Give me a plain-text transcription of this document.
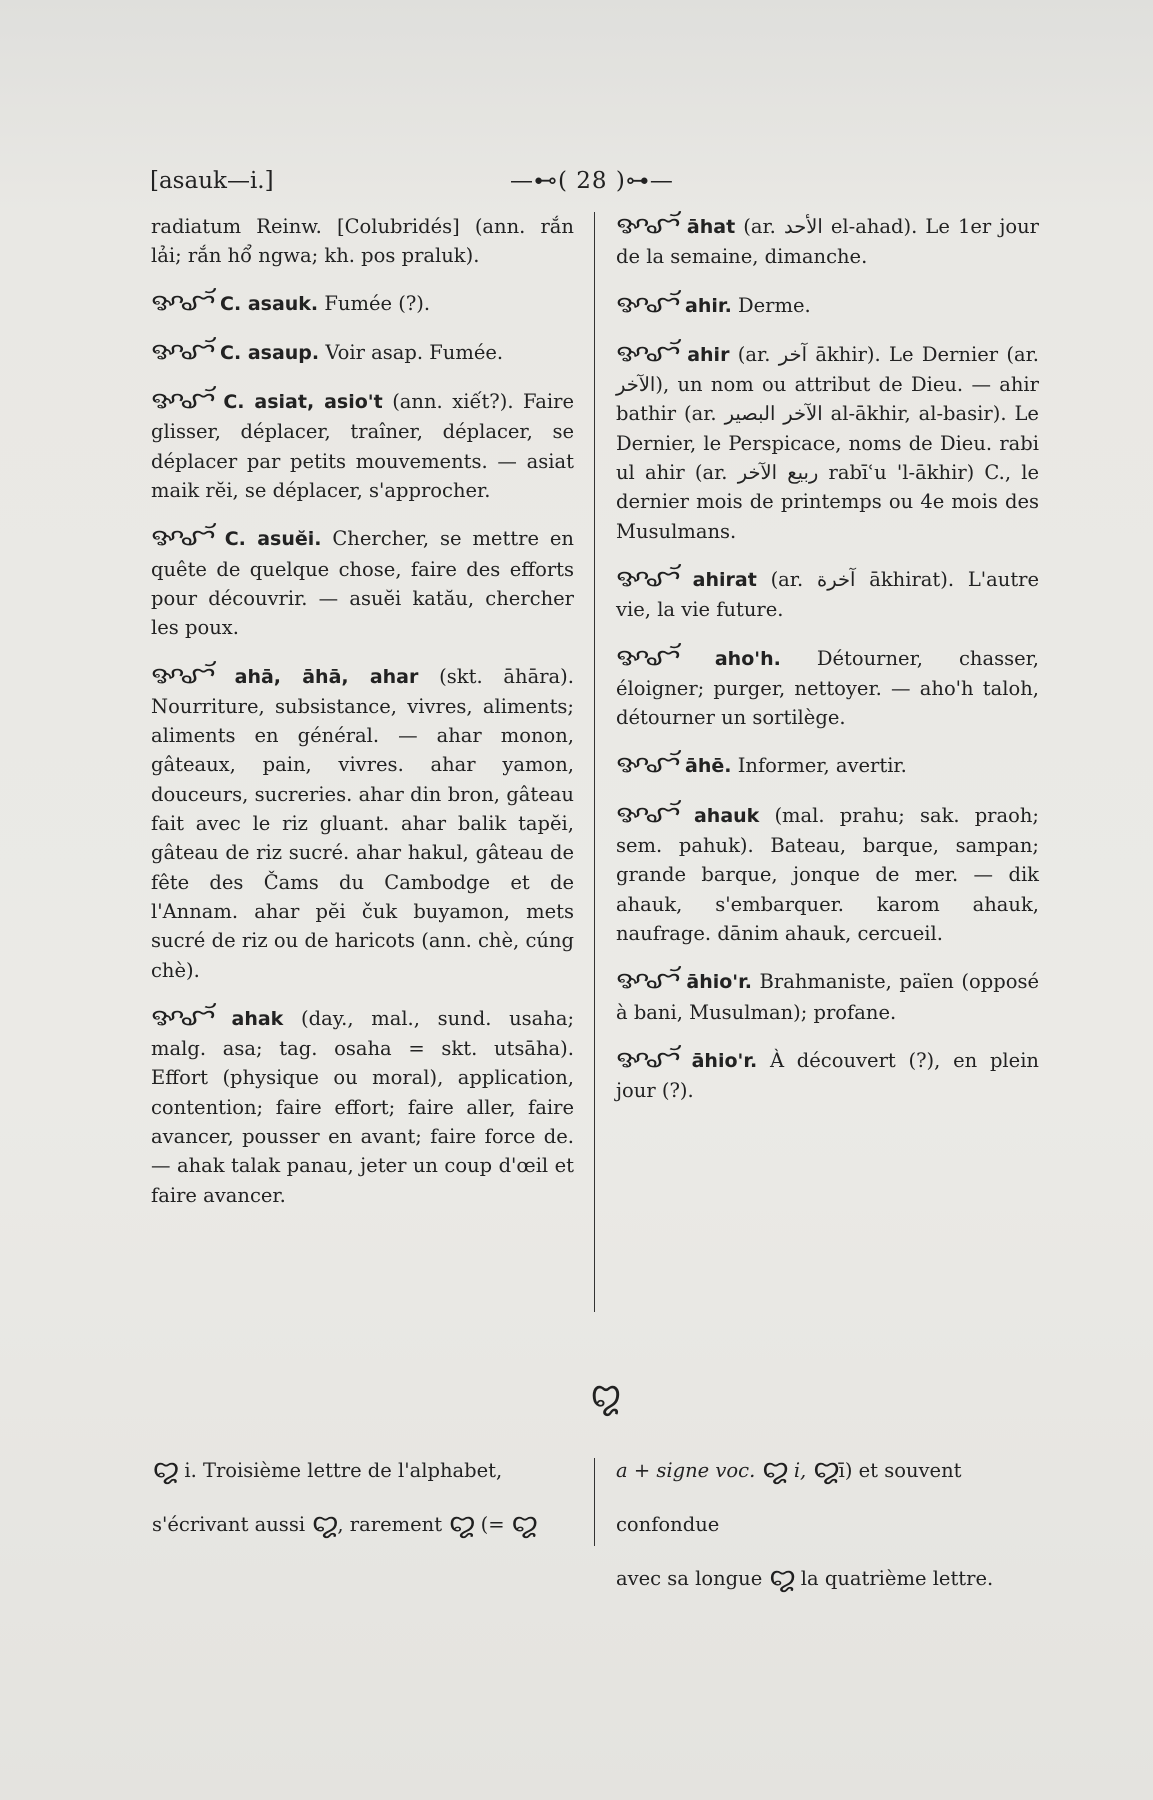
[asauk—i.]	—⊷( 28 )⊶—

radiatum Reinw. [Colubridés] (ann. rắn lải; rắn hổ ngwa; kh. pos praluk).

ꨀꨧꨮ C. asauk. Fumée (?).

ꨀꨧꨮ C. asaup. Voir asap. Fumée.

ꨀꨧꨮ C. asiat, asio't (ann. xiết?). Faire glisser, déplacer, traîner, déplacer, se déplacer par petits mouvements. — asiat maik rĕi, se déplacer, s'approcher.

ꨀꨧꨮ C. asuĕi. Chercher, se mettre en quête de quelque chose, faire des efforts pour découvrir. — asuĕi katău, chercher les poux.

ꨀꨧꨮ ahā, āhā, ahar (skt. āhāra). Nourriture, subsistance, vivres, aliments; aliments en général. — ahar monon, gâteaux, pain, vivres. ahar yamon, douceurs, sucreries. ahar din bron, gâteau fait avec le riz gluant. ahar balik tapĕi, gâteau de riz sucré. ahar hakul, gâteau de fête des Čams du Cambodge et de l'Annam. ahar pĕi čuk buyamon, mets sucré de riz ou de haricots (ann. chè, cúng chè).

ꨀꨧꨮ ahak (day., mal., sund. usaha; malg. asa; tag. osaha = skt. utsāha). Effort (physique ou moral), application, contention; faire effort; faire aller, faire avancer, pousser en avant; faire force de. — ahak talak panau, jeter un coup d'œil et faire avancer.

ꨀꨧꨮ āhat (ar. الأحد el-ahad). Le 1er jour de la semaine, dimanche.

ꨀꨧꨮ ahir. Derme.

ꨀꨧꨮ ahir (ar. آخر ākhir). Le Dernier (ar. الآخر), un nom ou attribut de Dieu. — ahir bathir (ar. الآخر البصير al-ākhir, al-basir). Le Dernier, le Perspicace, noms de Dieu. rabi ul ahir (ar. ربيع الآخر rabīʿu 'l-ākhir) C., le dernier mois de printemps ou 4e mois des Musulmans.

ꨀꨧꨮ ahirat (ar. آخرة ākhirat). L'autre vie, la vie future.

ꨀꨧꨮ aho'h. Détourner, chasser, éloigner; purger, nettoyer. — aho'h taloh, détourner un sortilège.

ꨀꨧꨮ āhē. Informer, avertir.

ꨀꨧꨮ ahauk (mal. prahu; sak. praoh; sem. pahuk). Bateau, barque, sampan; grande barque, jonque de mer. — dik ahauk, s'embarquer. karom ahauk, naufrage. dānim ahauk, cercueil.

ꨀꨧꨮ āhio'r. Brahmaniste, païen (opposé à bani, Musulman); profane.

ꨀꨧꨮ āhio'r. À découvert (?), en plein jour (?).

ꨁ
ꨁ i. Troisième lettre de l'alphabet,
s'écrivant aussi ꨁ, rarement ꨁ (= ꨁ
a + signe voc. ꨁ i, ꨁī) et souvent confondue
avec sa longue ꨁ la quatrième lettre.
